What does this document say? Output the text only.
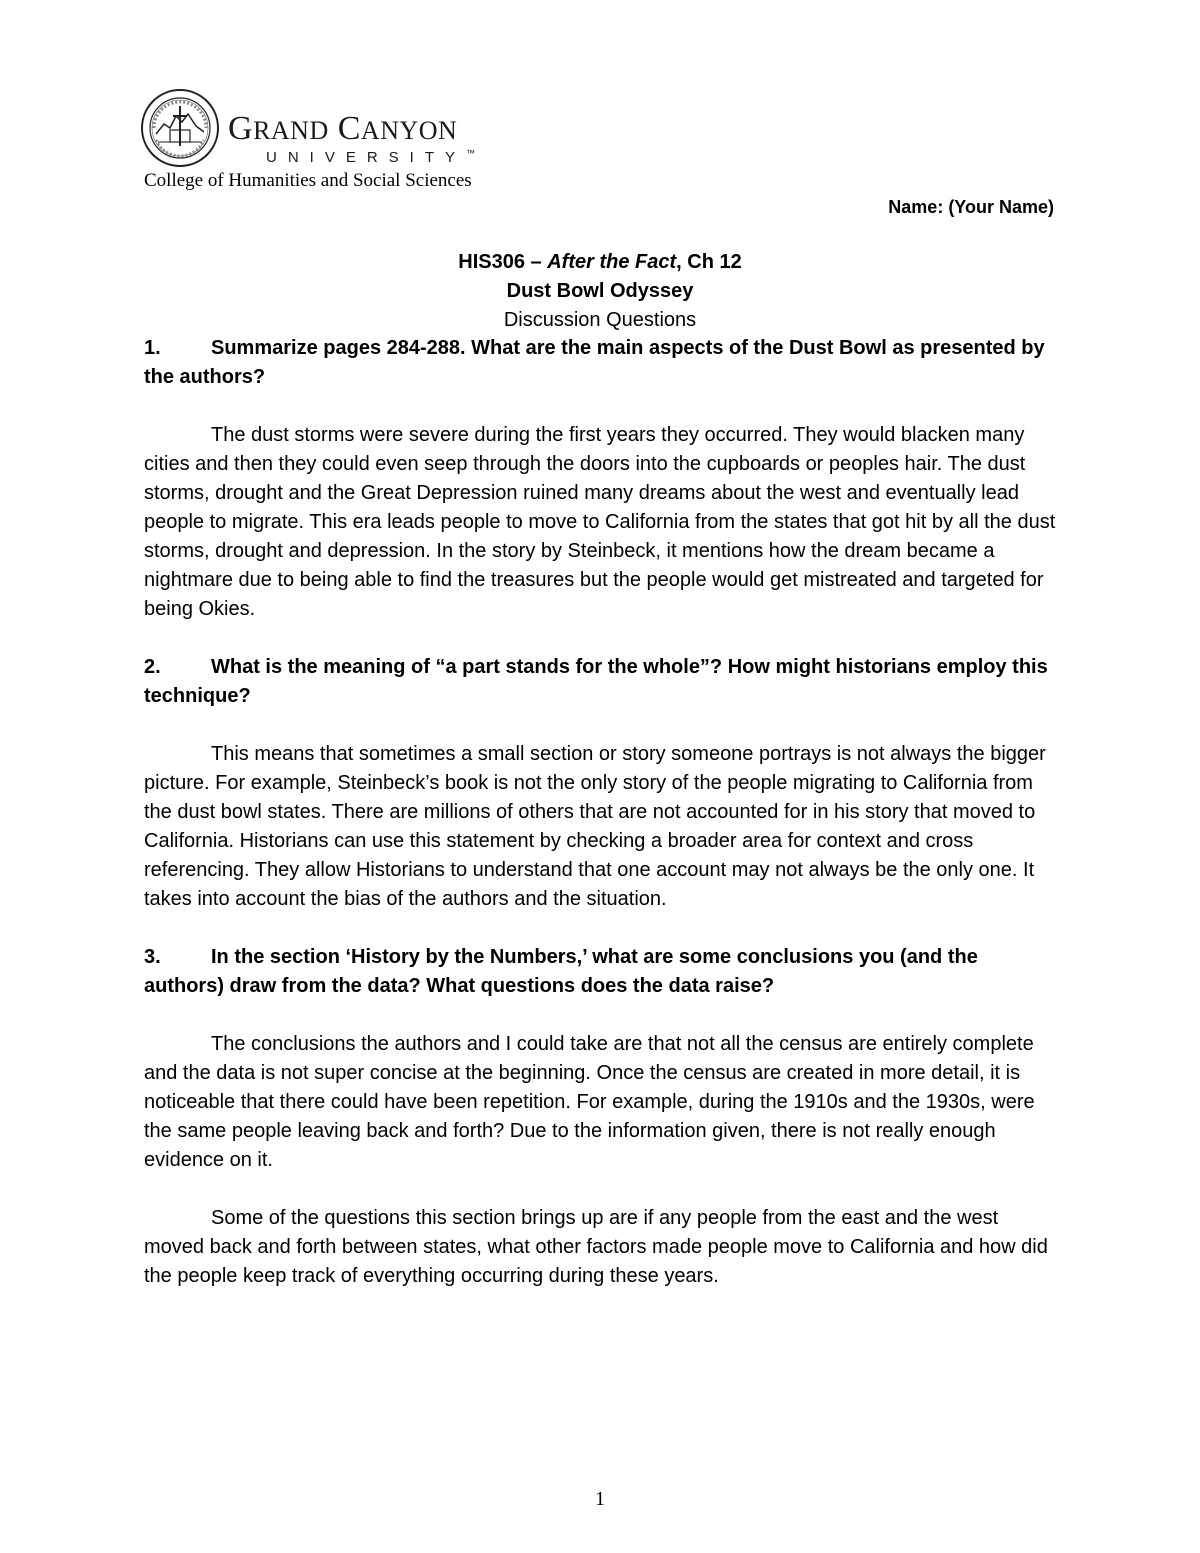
GRAND CANYON
UNIVERSITY™
College of Humanities and Social Sciences
Name: (Your Name)
HIS306 – After the Fact, Ch 12
Dust Bowl Odyssey
Discussion Questions

1.	Summarize pages 284-288. What are the main aspects of the Dust Bowl as presented by the authors?

The dust storms were severe during the first years they occurred. They would blacken many cities and then they could even seep through the doors into the cupboards or peoples hair. The dust storms, drought and the Great Depression ruined many dreams about the west and eventually lead people to migrate. This era leads people to move to California from the states that got hit by all the dust storms, drought and depression. In the story by Steinbeck, it mentions how the dream became a nightmare due to being able to find the treasures but the people would get mistreated and targeted for being Okies.

2.	What is the meaning of “a part stands for the whole”? How might historians employ this technique?

This means that sometimes a small section or story someone portrays is not always the bigger picture. For example, Steinbeck’s book is not the only story of the people migrating to California from the dust bowl states. There are millions of others that are not accounted for in his story that moved to California. Historians can use this statement by checking a broader area for context and cross referencing. They allow Historians to understand that one account may not always be the only one. It takes into account the bias of the authors and the situation.

3.	In the section ‘History by the Numbers,’ what are some conclusions you (and the authors) draw from the data? What questions does the data raise?

The conclusions the authors and I could take are that not all the census are entirely complete and the data is not super concise at the beginning. Once the census are created in more detail, it is noticeable that there could have been repetition. For example, during the 1910s and the 1930s, were the same people leaving back and forth? Due to the information given, there is not really enough evidence on it.

Some of the questions this section brings up are if any people from the east and the west moved back and forth between states, what other factors made people move to California and how did the people keep track of everything occurring during these years.

1
